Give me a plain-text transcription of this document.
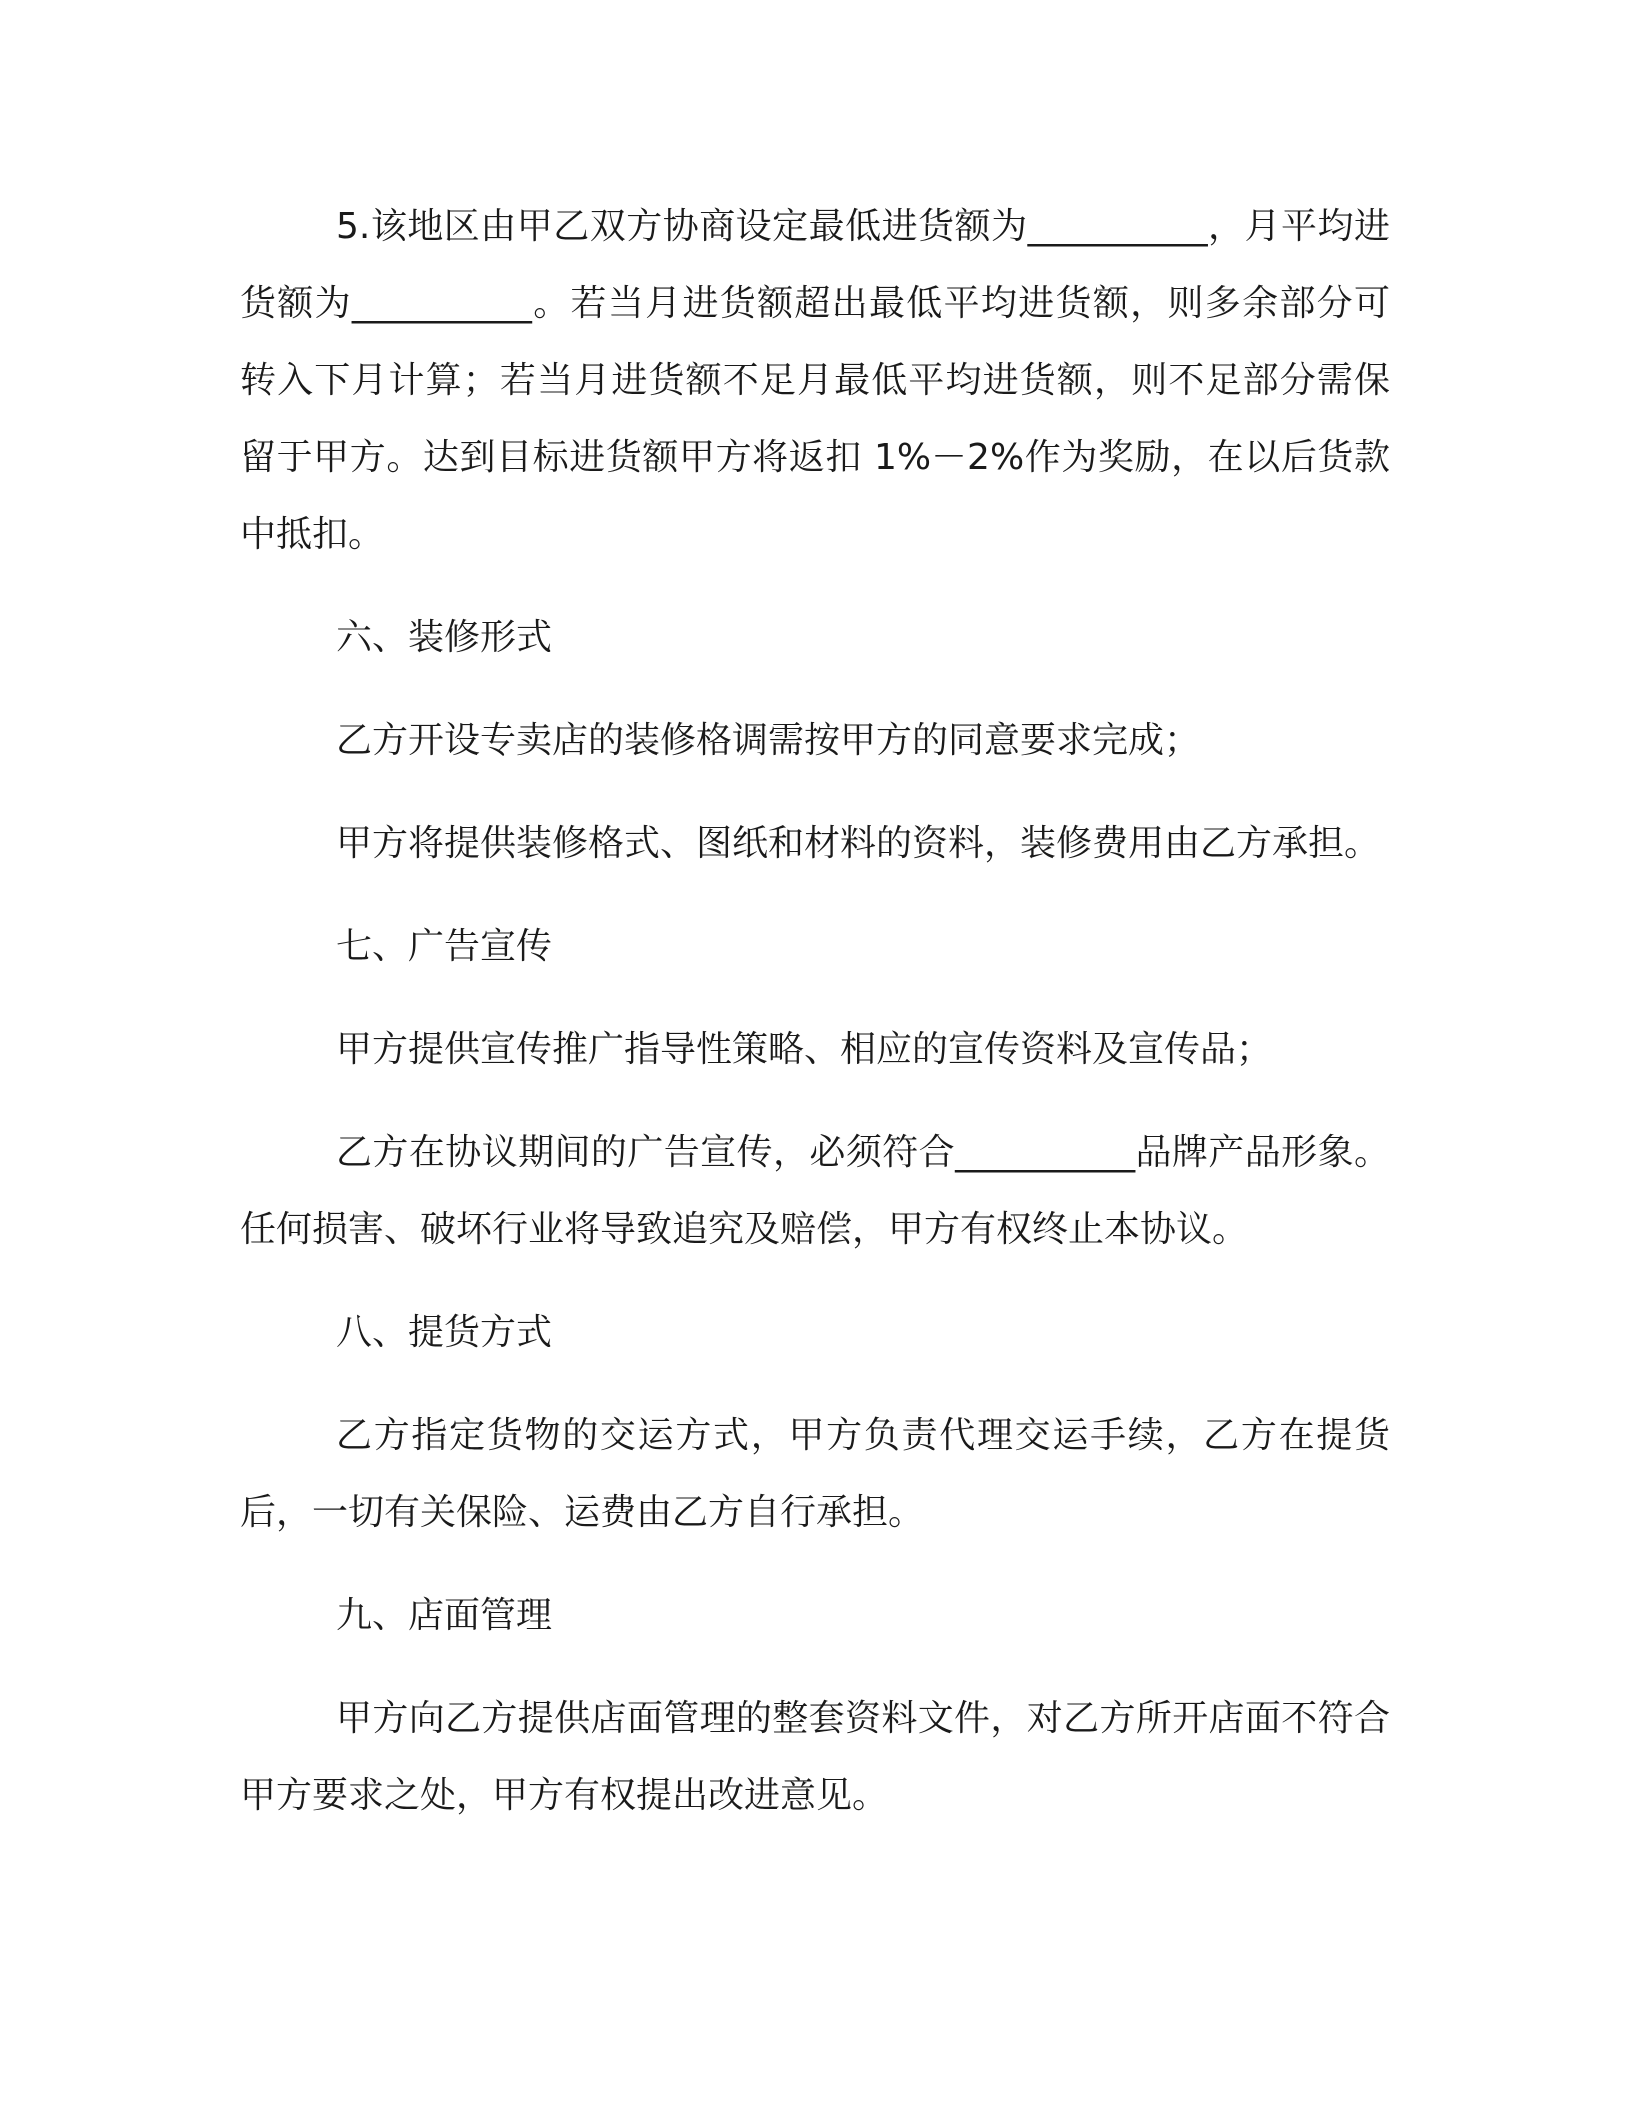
5.该地区由甲乙双方协商设定最低进货额为__________，月平均进货额为__________。若当月进货额超出最低平均进货额，则多余部分可转入下月计算；若当月进货额不足月最低平均进货额，则不足部分需保留于甲方。达到目标进货额甲方将返扣 1%－2%作为奖励，在以后货款中抵扣。

六、装修形式

乙方开设专卖店的装修格调需按甲方的同意要求完成；

甲方将提供装修格式、图纸和材料的资料，装修费用由乙方承担。

七、广告宣传

甲方提供宣传推广指导性策略、相应的宣传资料及宣传品；

乙方在协议期间的广告宣传，必须符合__________品牌产品形象。任何损害、破坏行业将导致追究及赔偿，甲方有权终止本协议。

八、提货方式

乙方指定货物的交运方式，甲方负责代理交运手续，乙方在提货后，一切有关保险、运费由乙方自行承担。

九、店面管理

甲方向乙方提供店面管理的整套资料文件，对乙方所开店面不符合甲方要求之处，甲方有权提出改进意见。
